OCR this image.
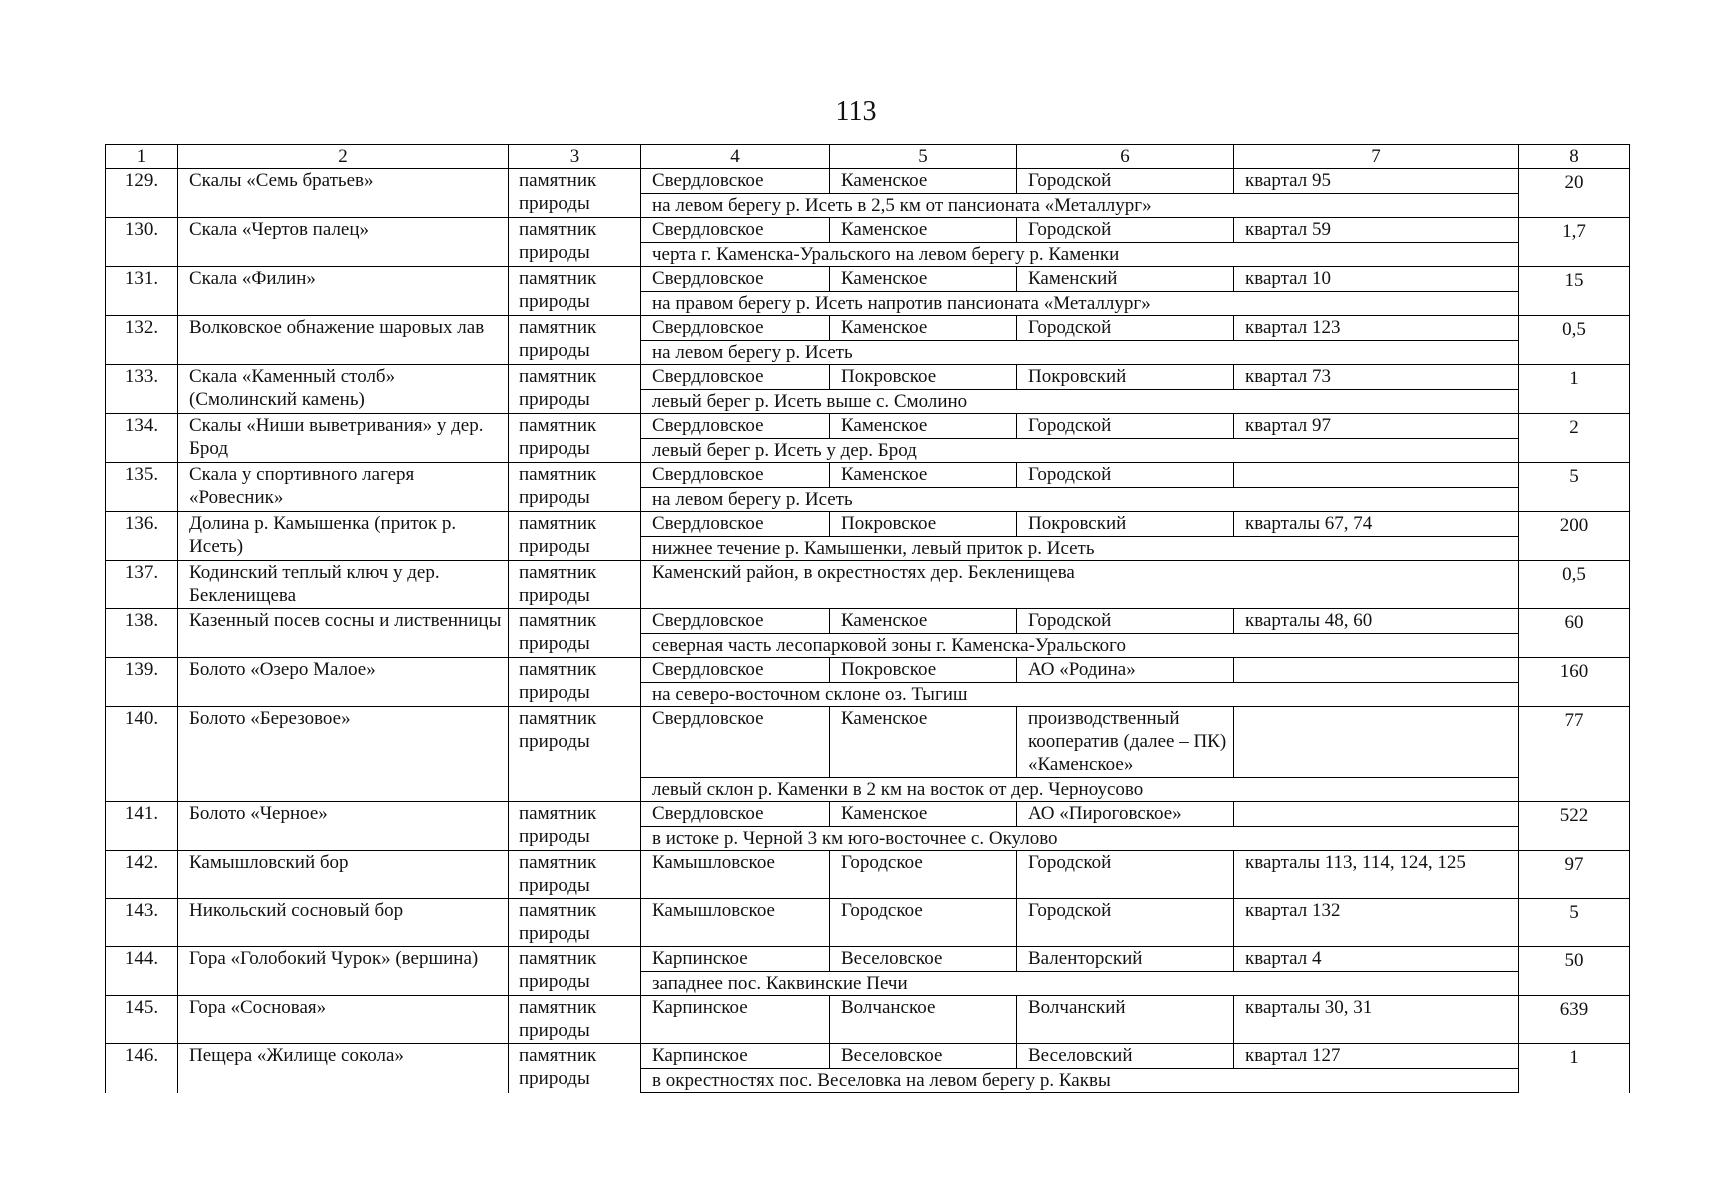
113
1	2	3	4	5	6	7	8
129.	Скалы «Семь братьев»	памятник природы	Свердловское	Каменское	Городской	квартал 95	20
			на левом берегу р. Исеть в 2,5 км от пансионата «Металлург»				
130.	Скала «Чертов палец»	памятник природы	Свердловское	Каменское	Городской	квартал 59	1,7
			черта г. Каменска-Уральского на левом берегу р. Каменки				
131.	Скала «Филин»	памятник природы	Свердловское	Каменское	Каменский	квартал 10	15
			на правом берегу р. Исеть напротив пансионата «Металлург»				
132.	Волковское обнажение шаровых лав	памятник природы	Свердловское	Каменское	Городской	квартал 123	0,5
			на левом берегу р. Исеть				
133.	Скала «Каменный столб» (Смолинский камень)	памятник природы	Свердловское	Покровское	Покровский	квартал 73	1
			левый берег р. Исеть выше с. Смолино				
134.	Скалы «Ниши выветривания» у дер. Брод	памятник природы	Свердловское	Каменское	Городской	квартал 97	2
			левый берег р. Исеть у дер. Брод				
135.	Скала у спортивного лагеря «Ровесник»	памятник природы	Свердловское	Каменское	Городской		5
			на левом берегу р. Исеть				
136.	Долина р. Камышенка (приток р. Исеть)	памятник природы	Свердловское	Покровское	Покровский	кварталы 67, 74	200
			нижнее течение р. Камышенки, левый приток р. Исеть				
137.	Кодинский теплый ключ у дер. Бекленищева	памятник природы	Каменский район, в окрестностях дер. Бекленищева				0,5
138.	Казенный посев сосны и лиственницы	памятник природы	Свердловское	Каменское	Городской	кварталы 48, 60	60
			северная часть лесопарковой зоны г. Каменска-Уральского				
139.	Болото «Озеро Малое»	памятник природы	Свердловское	Покровское	АО «Родина»		160
			на северо-восточном склоне оз. Тыгиш				
140.	Болото «Березовое»	памятник природы	Свердловское	Каменское	производственный кооператив (далее – ПК) «Каменское»		77
			левый склон р. Каменки в 2 км на восток от дер. Черноусово				
141.	Болото «Черное»	памятник природы	Свердловское	Каменское	АО «Пироговское»		522
			в истоке р. Черной 3 км юго-восточнее с. Окулово				
142.	Камышловский бор	памятник природы	Камышловское	Городское	Городской	кварталы 113, 114, 124, 125	97
143.	Никольский сосновый бор	памятник природы	Камышловское	Городское	Городской	квартал 132	5
144.	Гора «Голобокий Чурок» (вершина)	памятник природы	Карпинское	Веселовское	Валенторский	квартал 4	50
			западнее пос. Каквинские Печи				
145.	Гора «Сосновая»	памятник природы	Карпинское	Волчанское	Волчанский	кварталы 30, 31	639
146.	Пещера «Жилище сокола»	памятник природы	Карпинское	Веселовское	Веселовский	квартал 127	1
			в окрестностях пос. Веселовка на левом берегу р. Каквы				
